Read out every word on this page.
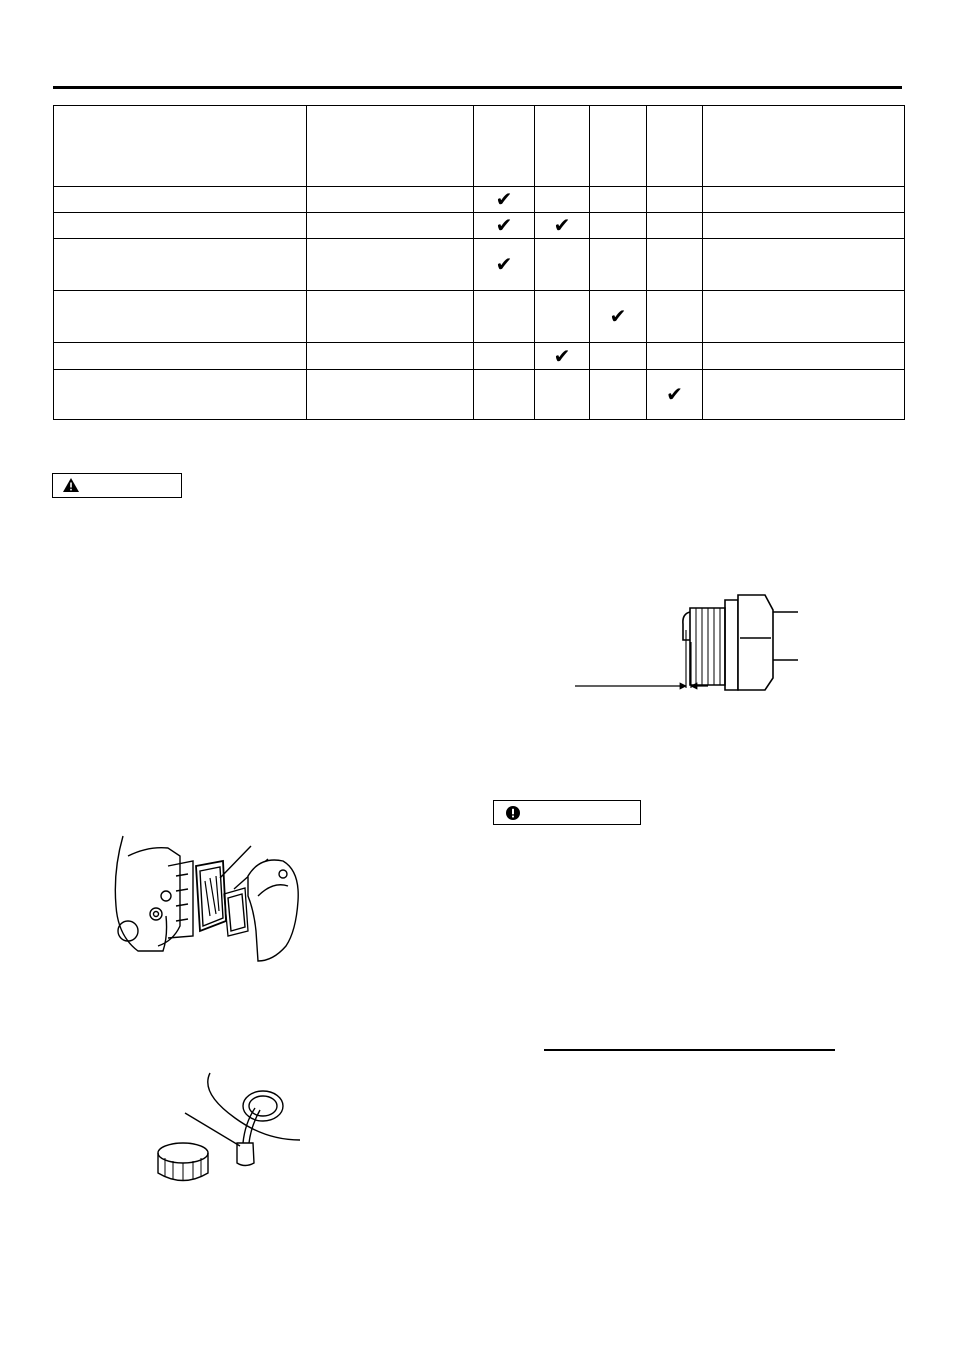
		✔				
		✔	✔			
		✔				
				✔		
			✔			
					✔	
